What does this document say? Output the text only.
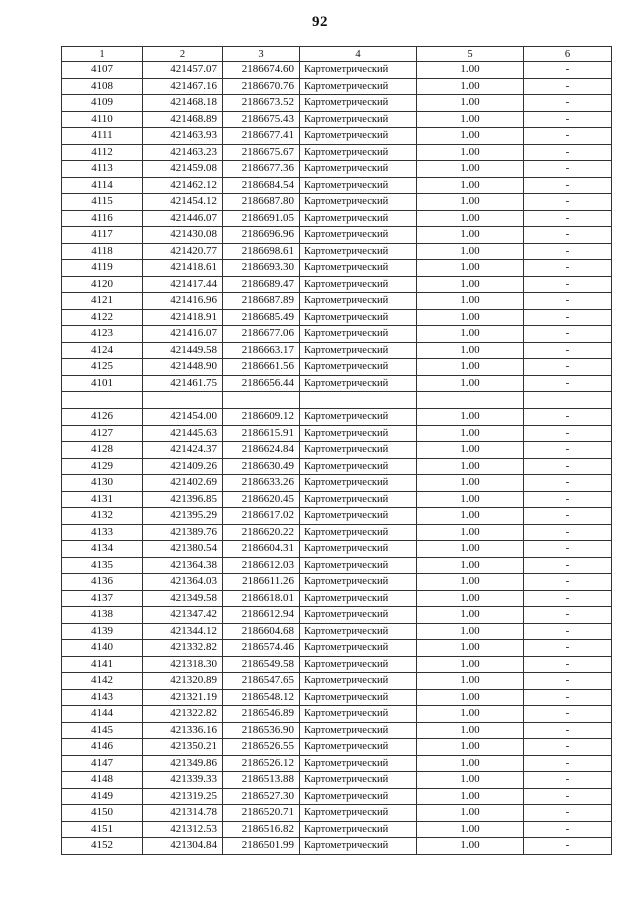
92
1	2	3	4	5	6
4107	421457.07	2186674.60	Картометрический	1.00	-
4108	421467.16	2186670.76	Картометрический	1.00	-
4109	421468.18	2186673.52	Картометрический	1.00	-
4110	421468.89	2186675.43	Картометрический	1.00	-
4111	421463.93	2186677.41	Картометрический	1.00	-
4112	421463.23	2186675.67	Картометрический	1.00	-
4113	421459.08	2186677.36	Картометрический	1.00	-
4114	421462.12	2186684.54	Картометрический	1.00	-
4115	421454.12	2186687.80	Картометрический	1.00	-
4116	421446.07	2186691.05	Картометрический	1.00	-
4117	421430.08	2186696.96	Картометрический	1.00	-
4118	421420.77	2186698.61	Картометрический	1.00	-
4119	421418.61	2186693.30	Картометрический	1.00	-
4120	421417.44	2186689.47	Картометрический	1.00	-
4121	421416.96	2186687.89	Картометрический	1.00	-
4122	421418.91	2186685.49	Картометрический	1.00	-
4123	421416.07	2186677.06	Картометрический	1.00	-
4124	421449.58	2186663.17	Картометрический	1.00	-
4125	421448.90	2186661.56	Картометрический	1.00	-
4101	421461.75	2186656.44	Картометрический	1.00	-

4126	421454.00	2186609.12	Картометрический	1.00	-
4127	421445.63	2186615.91	Картометрический	1.00	-
4128	421424.37	2186624.84	Картометрический	1.00	-
4129	421409.26	2186630.49	Картометрический	1.00	-
4130	421402.69	2186633.26	Картометрический	1.00	-
4131	421396.85	2186620.45	Картометрический	1.00	-
4132	421395.29	2186617.02	Картометрический	1.00	-
4133	421389.76	2186620.22	Картометрический	1.00	-
4134	421380.54	2186604.31	Картометрический	1.00	-
4135	421364.38	2186612.03	Картометрический	1.00	-
4136	421364.03	2186611.26	Картометрический	1.00	-
4137	421349.58	2186618.01	Картометрический	1.00	-
4138	421347.42	2186612.94	Картометрический	1.00	-
4139	421344.12	2186604.68	Картометрический	1.00	-
4140	421332.82	2186574.46	Картометрический	1.00	-
4141	421318.30	2186549.58	Картометрический	1.00	-
4142	421320.89	2186547.65	Картометрический	1.00	-
4143	421321.19	2186548.12	Картометрический	1.00	-
4144	421322.82	2186546.89	Картометрический	1.00	-
4145	421336.16	2186536.90	Картометрический	1.00	-
4146	421350.21	2186526.55	Картометрический	1.00	-
4147	421349.86	2186526.12	Картометрический	1.00	-
4148	421339.33	2186513.88	Картометрический	1.00	-
4149	421319.25	2186527.30	Картометрический	1.00	-
4150	421314.78	2186520.71	Картометрический	1.00	-
4151	421312.53	2186516.82	Картометрический	1.00	-
4152	421304.84	2186501.99	Картометрический	1.00	-
